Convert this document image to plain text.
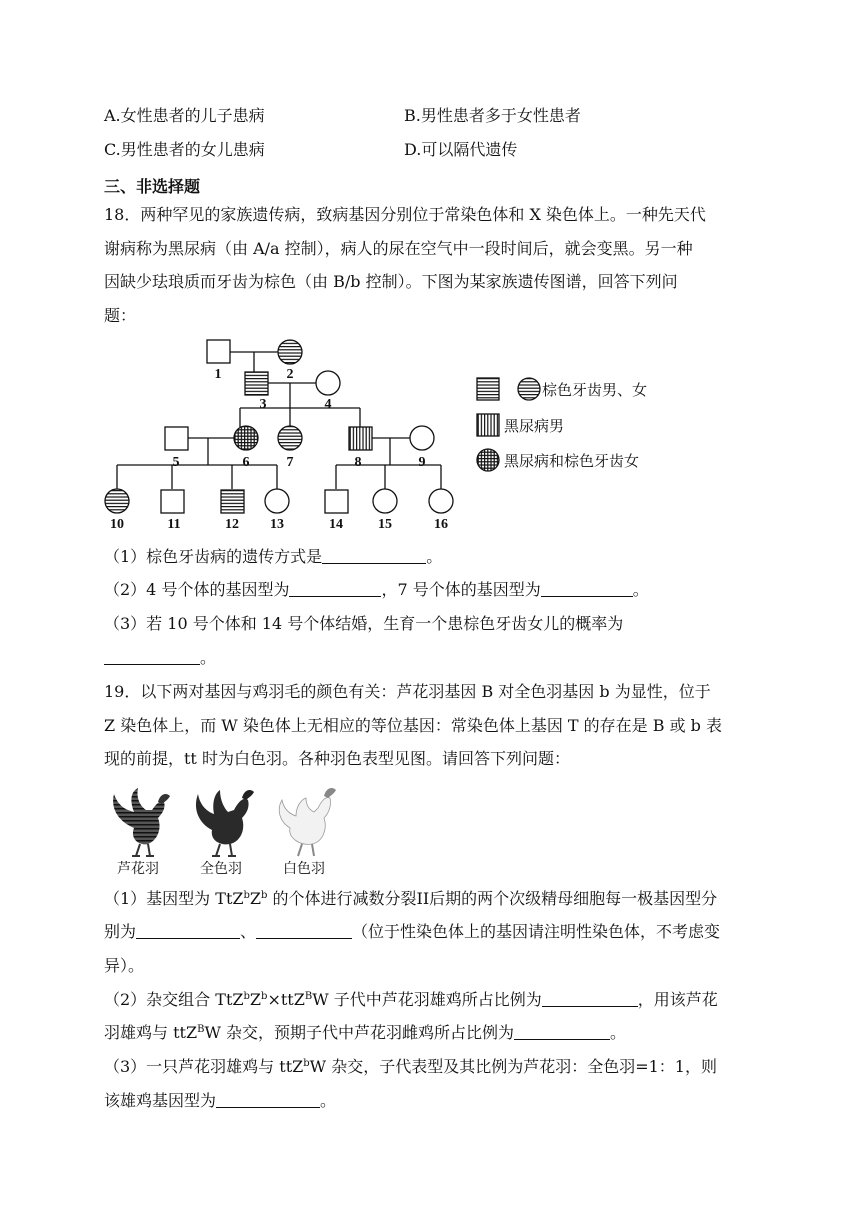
A.女性患者的儿子患病	B.男性患者多于女性患者
C.男性患者的女儿患病	D.可以隔代遗传
三、非选择题
18．两种罕见的家族遗传病，致病基因分别位于常染色体和 X 染色体上。一种先天代
谢病称为黑尿病（由 A/a 控制），病人的尿在空气中一段时间后，就会变黑。另一种
因缺少珐琅质而牙齿为棕色（由 B/b 控制）。下图为某家族遗传图谱，回答下列问
题：
1	2
3	4
5	6	7	8	9
10	11	12 13	14	15	16
棕色牙齿男、女
黑尿病男
黑尿病和棕色牙齿女
（1）棕色牙齿病的遗传方式是	。
（2）4 号个体的基因型为	，7 号个体的基因型为	。
（3）若 10 号个体和 14 号个体结婚，生育一个患棕色牙齿女儿的概率为
。
19．以下两对基因与鸡羽毛的颜色有关：芦花羽基因 B 对全色羽基因 b 为显性，位于
Z 染色体上，而 W 染色体上无相应的等位基因：常染色体上基因 T 的存在是 B 或 b 表
现的前提，tt 时为白色羽。各种羽色表型见图。请回答下列问题：
芦花羽	全色羽	白色羽
（1）基因型为 $TtZ^bZ^b$ 的个体进行减数分裂II后期的两个次级精母细胞每一极基因型分
别为	、	（位于性染色体上的基因请注明性染色体，不考虑变
异）。
（2）杂交组合 $TtZ^bZ^b\times ttZ^BW$ 子代中芦花羽雄鸡所占比例为	，用该芦花
羽雄鸡与 ttZ$^B$W 杂交，预期子代中芦花羽雌鸡所占比例为	。
（3）一只芦花羽雄鸡与 ttZ$^b$W 杂交，子代表型及其比例为芦花羽：全色羽=1：1，则
该雄鸡基因型为	。
